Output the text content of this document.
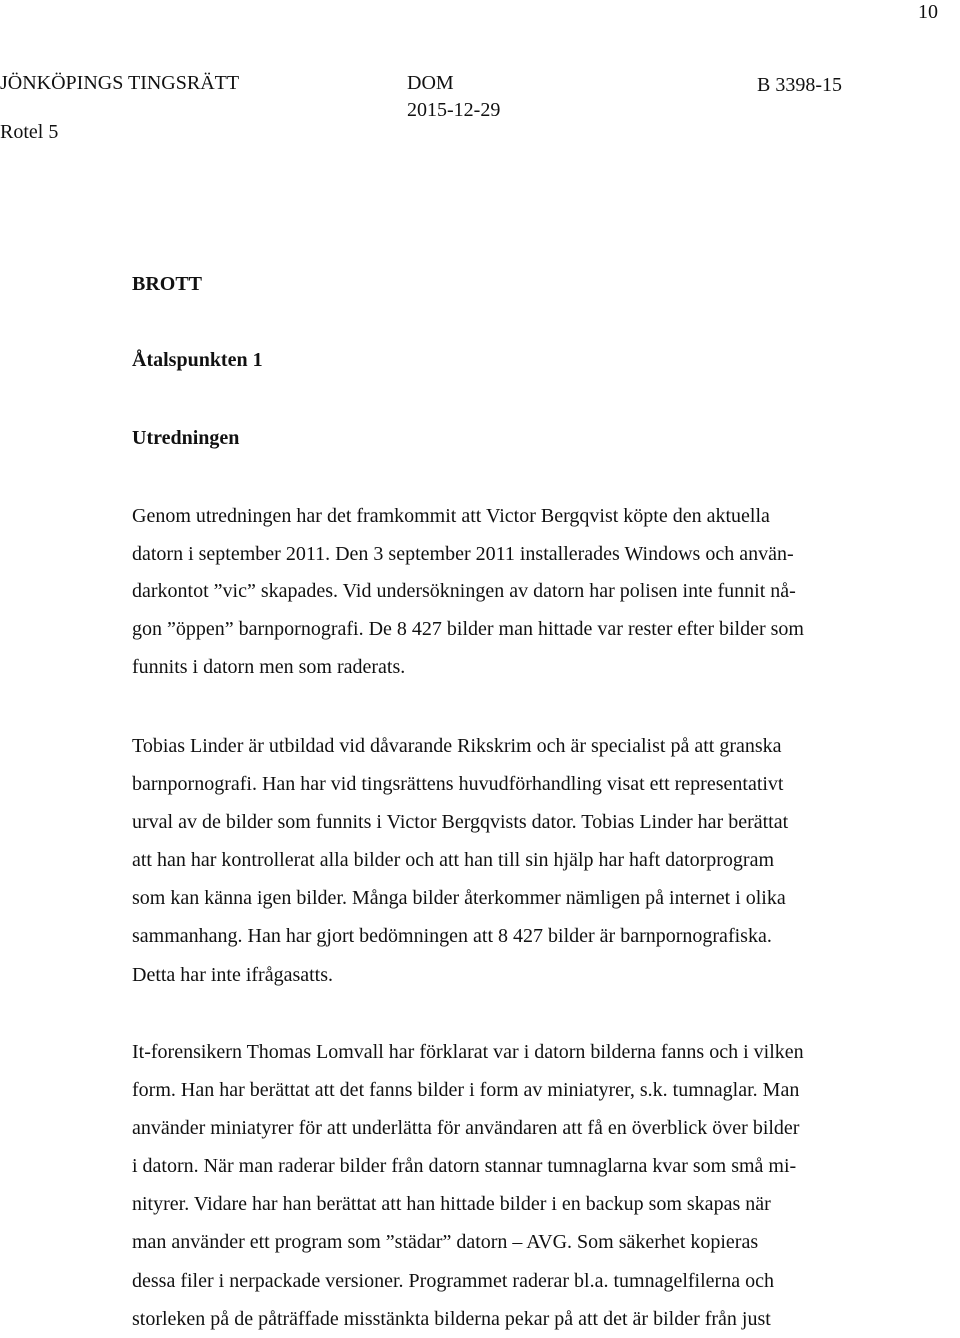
10
JÖNKÖPINGS TINGSRÄTT
Rotel 5
DOM
2015-12-29
B 3398-15
BROTT
Åtalspunkten 1
Utredningen
Genom utredningen har det framkommit att Victor Bergqvist köpte den aktuella
datorn i september 2011. Den 3 september 2011 installerades Windows och använ-
darkontot ”vic” skapades. Vid undersökningen av datorn har polisen inte funnit nå-
gon ”öppen” barnpornografi. De 8 427 bilder man hittade var rester efter bilder som
funnits i datorn men som raderats.
Tobias Linder är utbildad vid dåvarande Rikskrim och är specialist på att granska
barnpornografi. Han har vid tingsrättens huvudförhandling visat ett representativt
urval av de bilder som funnits i Victor Bergqvists dator. Tobias Linder har berättat
att han har kontrollerat alla bilder och att han till sin hjälp har haft datorprogram
som kan känna igen bilder. Många bilder återkommer nämligen på internet i olika
sammanhang. Han har gjort bedömningen att 8 427 bilder är barnpornografiska.
Detta har inte ifrågasatts.
It-forensikern Thomas Lomvall har förklarat var i datorn bilderna fanns och i vilken
form. Han har berättat att det fanns bilder i form av miniatyrer, s.k. tumnaglar. Man
använder miniatyrer för att underlätta för användaren att få en överblick över bilder
i datorn. När man raderar bilder från datorn stannar tumnaglarna kvar som små mi-
nityrer. Vidare har han berättat att han hittade bilder i en backup som skapas när
man använder ett program som ”städar” datorn – AVG. Som säkerhet kopieras
dessa filer i nerpackade versioner. Programmet raderar bl.a. tumnagelfilerna och
storleken på de påträffade misstänkta bilderna pekar på att det är bilder från just
